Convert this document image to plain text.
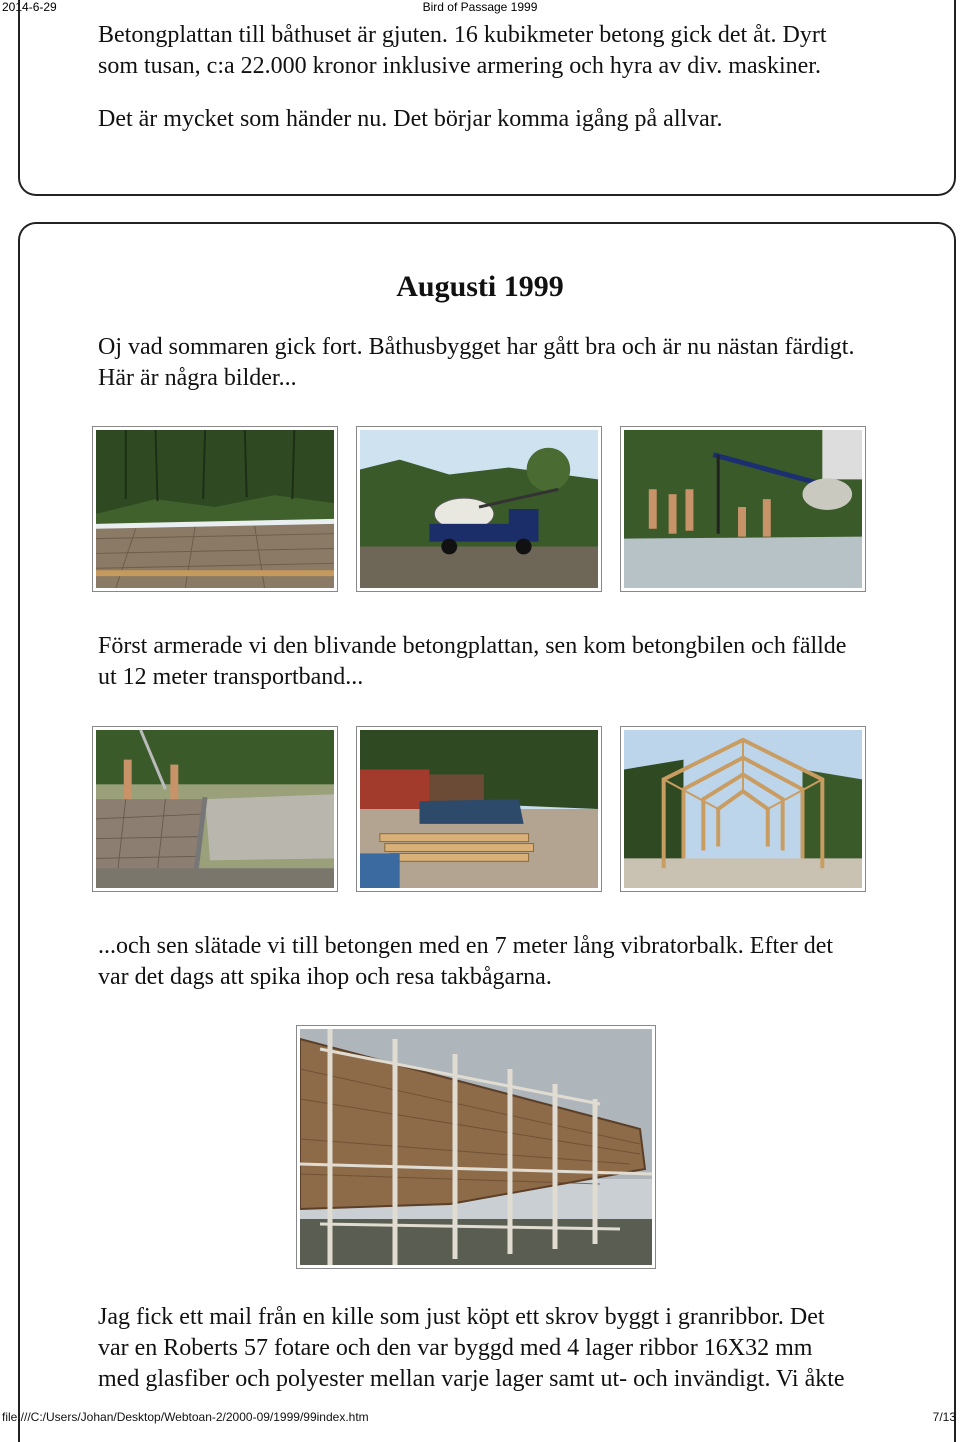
2014-6-29	Bird of Passage 1999
Betongplattan till båthuset är gjuten. 16 kubikmeter betong gick det åt. Dyrt
som tusan, c:a 22.000 kronor inklusive armering och hyra av div. maskiner.
Det är mycket som händer nu. Det börjar komma igång på allvar.
Augusti 1999
Oj vad sommaren gick fort. Båthusbygget har gått bra och är nu nästan färdigt.
Här är några bilder...
Först armerade vi den blivande betongplattan, sen kom betongbilen och fällde
ut 12 meter transportband...
...och sen slätade vi till betongen med en 7 meter lång vibratorbalk. Efter det
var det dags att spika ihop och resa takbågarna.
Jag fick ett mail från en kille som just köpt ett skrov byggt i granribbor. Det
var en Roberts 57 fotare och den var byggd med 4 lager ribbor 16X32 mm
med glasfiber och polyester mellan varje lager samt ut- och invändigt. Vi åkte
file:///C:/Users/Johan/Desktop/Webtoan-2/2000-09/1999/99index.htm	7/13
